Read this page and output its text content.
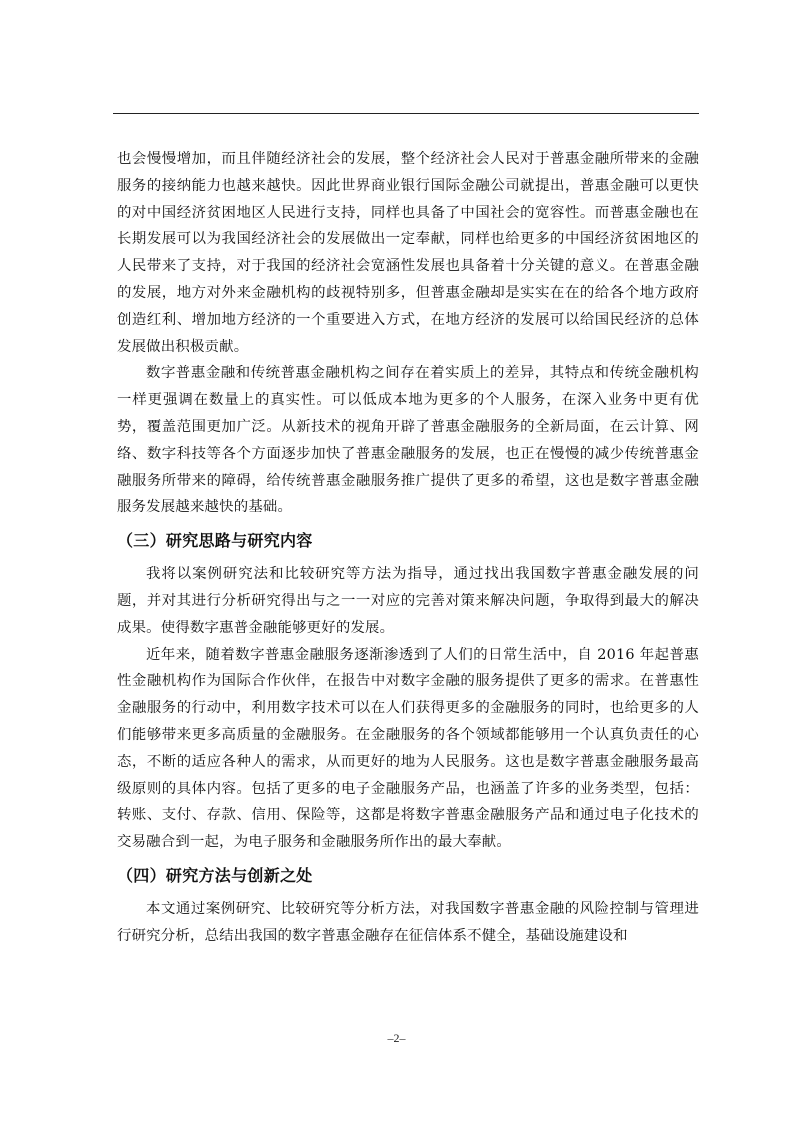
也会慢慢增加，而且伴随经济社会的发展，整个经济社会人民对于普惠金融所带来的金融服务的接纳能力也越来越快。因此世界商业银行国际金融公司就提出，普惠金融可以更快的对中国经济贫困地区人民进行支持，同样也具备了中国社会的宽容性。而普惠金融也在长期发展可以为我国经济社会的发展做出一定奉献，同样也给更多的中国经济贫困地区的人民带来了支持，对于我国的经济社会宽涵性发展也具备着十分关键的意义。在普惠金融的发展，地方对外来金融机构的歧视特别多，但普惠金融却是实实在在的给各个地方政府创造红利、增加地方经济的一个重要进入方式，在地方经济的发展可以给国民经济的总体发展做出积极贡献。

数字普惠金融和传统普惠金融机构之间存在着实质上的差异，其特点和传统金融机构一样更强调在数量上的真实性。可以低成本地为更多的个人服务，在深入业务中更有优势，覆盖范围更加广泛。从新技术的视角开辟了普惠金融服务的全新局面，在云计算、网络、数字科技等各个方面逐步加快了普惠金融服务的发展，也正在慢慢的减少传统普惠金融服务所带来的障碍，给传统普惠金融服务推广提供了更多的希望，这也是数字普惠金融服务发展越来越快的基础。

（三）研究思路与研究内容

我将以案例研究法和比较研究等方法为指导，通过找出我国数字普惠金融发展的问题，并对其进行分析研究得出与之一一对应的完善对策来解决问题，争取得到最大的解决成果。使得数字惠普金融能够更好的发展。

近年来，随着数字普惠金融服务逐渐渗透到了人们的日常生活中，自 2016 年起普惠性金融机构作为国际合作伙伴，在报告中对数字金融的服务提供了更多的需求。在普惠性金融服务的行动中，利用数字技术可以在人们获得更多的金融服务的同时，也给更多的人们能够带来更多高质量的金融服务。在金融服务的各个领域都能够用一个认真负责任的心态，不断的适应各种人的需求，从而更好的地为人民服务。这也是数字普惠金融服务最高级原则的具体内容。包括了更多的电子金融服务产品，也涵盖了许多的业务类型，包括：转账、支付、存款、信用、保险等，这都是将数字普惠金融服务产品和通过电子化技术的交易融合到一起，为电子服务和金融服务所作出的最大奉献。

（四）研究方法与创新之处

本文通过案例研究、比较研究等分析方法，对我国数字普惠金融的风险控制与管理进行研究分析，总结出我国的数字普惠金融存在征信体系不健全，基础设施建设和

–2–
